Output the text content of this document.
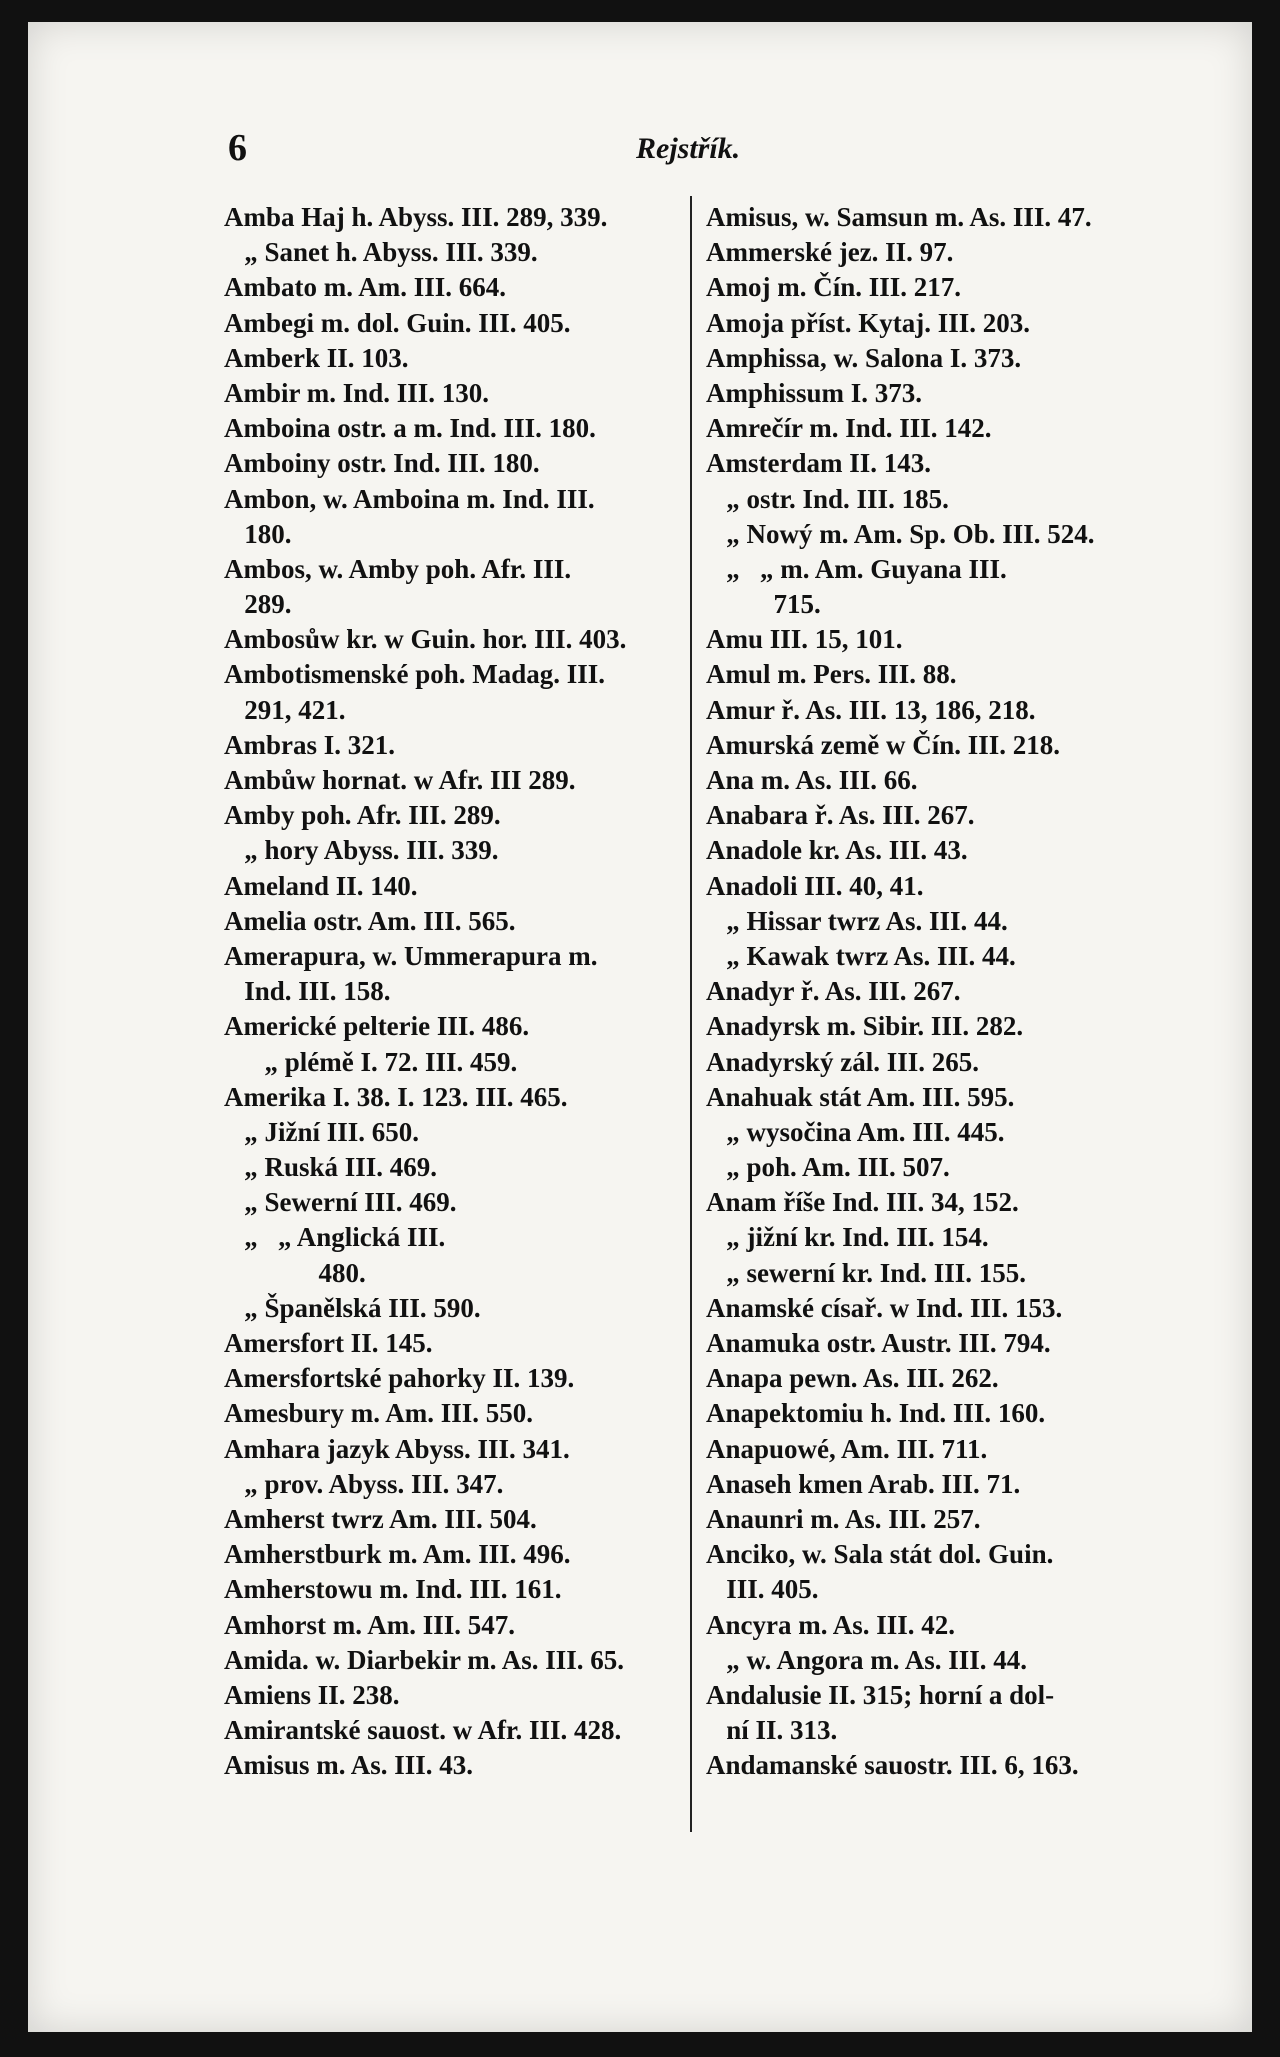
6	Rejstřík.
Amba Haj h. Abyss. III. 289, 339.
„ Sanet h. Abyss. III. 339.
Ambato m. Am. III. 664.
Ambegi m. dol. Guin. III. 405.
Amberk II. 103.
Ambir m. Ind. III. 130.
Amboina ostr. a m. Ind. III. 180.
Amboiny ostr. Ind. III. 180.
Ambon, w. Amboina m. Ind. III.
180.
Ambos, w. Amby poh. Afr. III.
289.
Ambosůw kr. w Guin. hor. III. 403.
Ambotismenské poh. Madag. III.
291, 421.
Ambras I. 321.
Ambůw hornat. w Afr. III 289.
Amby poh. Afr. III. 289.
„ hory Abyss. III. 339.
Ameland II. 140.
Amelia ostr. Am. III. 565.
Amerapura, w. Ummerapura m.
Ind. III. 158.
Americké pelterie III. 486.
„ plémě I. 72. III. 459.
Amerika I. 38. I. 123. III. 465.
„ Jižní III. 650.
„ Ruská III. 469.
„ Sewerní III. 469.
„   „ Anglická III.
480.
„ Španělská III. 590.
Amersfort II. 145.
Amersfortské pahorky II. 139.
Amesbury m. Am. III. 550.
Amhara jazyk Abyss. III. 341.
„ prov. Abyss. III. 347.
Amherst twrz Am. III. 504.
Amherstburk m. Am. III. 496.
Amherstowu m. Ind. III. 161.
Amhorst m. Am. III. 547.
Amida. w. Diarbekir m. As. III. 65.
Amiens II. 238.
Amirantské sauost. w Afr. III. 428.
Amisus m. As. III. 43.
Amisus, w. Samsun m. As. III. 47.
Ammerské jez. II. 97.
Amoj m. Čín. III. 217.
Amoja příst. Kytaj. III. 203.
Amphissa, w. Salona I. 373.
Amphissum I. 373.
Amrečír m. Ind. III. 142.
Amsterdam II. 143.
„ ostr. Ind. III. 185.
„ Nowý m. Am. Sp. Ob. III. 524.
„   „ m. Am. Guyana III.
715.
Amu III. 15, 101.
Amul m. Pers. III. 88.
Amur ř. As. III. 13, 186, 218.
Amurská země w Čín. III. 218.
Ana m. As. III. 66.
Anabara ř. As. III. 267.
Anadole kr. As. III. 43.
Anadoli III. 40, 41.
„ Hissar twrz As. III. 44.
„ Kawak twrz As. III. 44.
Anadyr ř. As. III. 267.
Anadyrsk m. Sibir. III. 282.
Anadyrský zál. III. 265.
Anahuak stát Am. III. 595.
„ wysočina Am. III. 445.
„ poh. Am. III. 507.
Anam říše Ind. III. 34, 152.
„ jižní kr. Ind. III. 154.
„ sewerní kr. Ind. III. 155.
Anamské císař. w Ind. III. 153.
Anamuka ostr. Austr. III. 794.
Anapa pewn. As. III. 262.
Anapektomiu h. Ind. III. 160.
Anapuowé, Am. III. 711.
Anaseh kmen Arab. III. 71.
Anaunri m. As. III. 257.
Anciko, w. Sala stát dol. Guin.
III. 405.
Ancyra m. As. III. 42.
„ w. Angora m. As. III. 44.
Andalusie II. 315; horní a dol-
ní II. 313.
Andamanské sauostr. III. 6, 163.
